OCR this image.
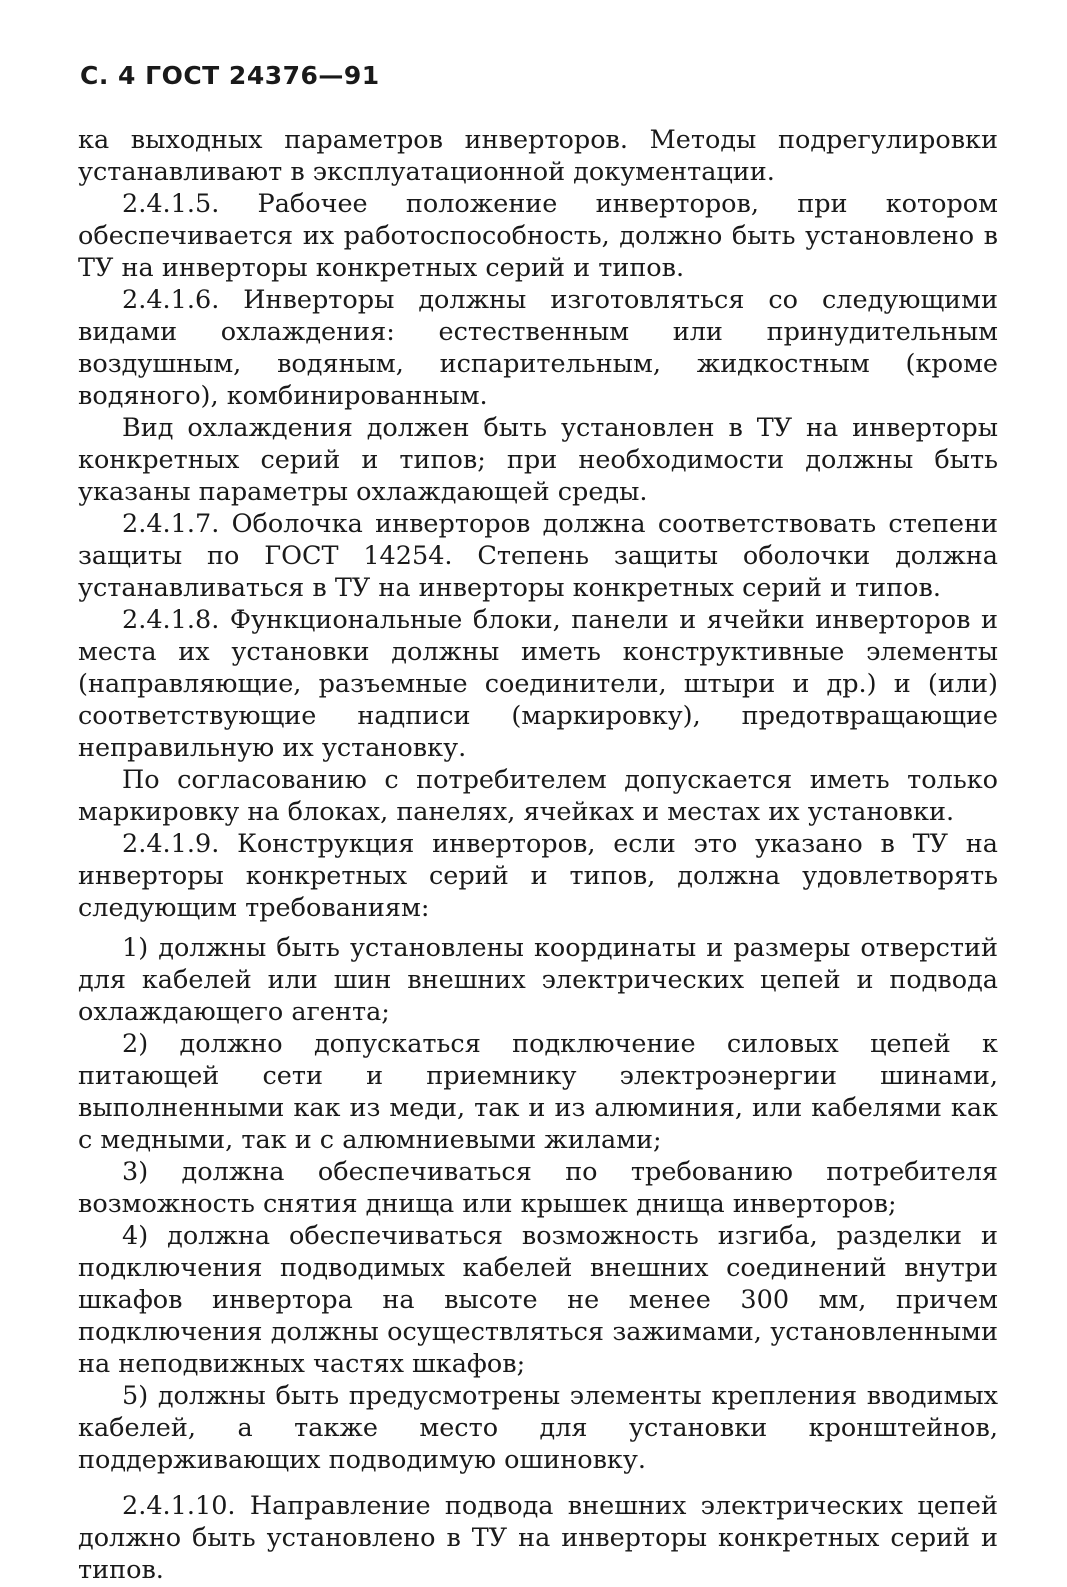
С. 4 ГОСТ 24376—91

ка выходных параметров инверторов. Методы подрегулировки устанавливают в эксплуатационной документации.

2.4.1.5. Рабочее положение инверторов, при котором обеспечивается их работоспособность, должно быть установлено в ТУ на инверторы конкретных серий и типов.

2.4.1.6. Инверторы должны изготовляться со следующими видами охлаждения: естественным или принудительным воздушным, водяным, испарительным, жидкостным (кроме водяного), комбинированным.

Вид охлаждения должен быть установлен в ТУ на инверторы конкретных серий и типов; при необходимости должны быть указаны параметры охлаждающей среды.

2.4.1.7. Оболочка инверторов должна соответствовать степени защиты по ГОСТ 14254. Степень защиты оболочки должна устанавливаться в ТУ на инверторы конкретных серий и типов.

2.4.1.8. Функциональные блоки, панели и ячейки инверторов и места их установки должны иметь конструктивные элементы (направляющие, разъемные соединители, штыри и др.) и (или) соответствующие надписи (маркировку), предотвращающие неправильную их установку.

По согласованию с потребителем допускается иметь только маркировку на блоках, панелях, ячейках и местах их установки.

2.4.1.9. Конструкция инверторов, если это указано в ТУ на инверторы конкретных серий и типов, должна удовлетворять следующим требованиям:

1) должны быть установлены координаты и размеры отверстий для кабелей или шин внешних электрических цепей и подвода охлаждающего агента;

2) должно допускаться подключение силовых цепей к питающей сети и приемнику электроэнергии шинами, выполненными как из меди, так и из алюминия, или кабелями как с медными, так и с алюмниевыми жилами;

3) должна обеспечиваться по требованию потребителя возможность снятия днища или крышек днища инверторов;

4) должна обеспечиваться возможность изгиба, разделки и подключения подводимых кабелей внешних соединений внутри шкафов инвертора на высоте не менее 300 мм, причем подключения должны осуществляться зажимами, установленными на неподвижных частях шкафов;

5) должны быть предусмотрены элементы крепления вводимых кабелей, а также место для установки кронштейнов, поддерживающих подводимую ошиновку.

2.4.1.10. Направление подвода внешних электрических цепей должно быть установлено в ТУ на инверторы конкретных серий и типов.
